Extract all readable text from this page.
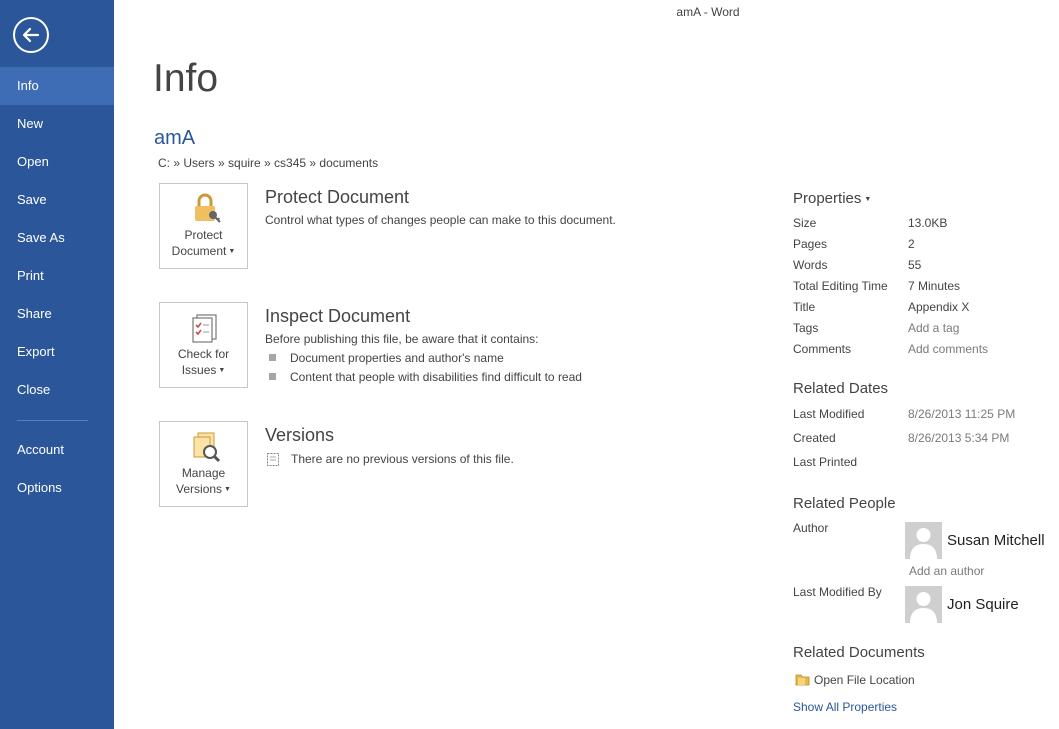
Info
New
Open
Save
Save As
Print
Share
Export
Close
Account
Options
amA - Word
Info
amA
C: » Users » squire » cs345 » documents
Protect
Document ▼
Protect Document
Control what types of changes people can make to this document.
Check for
Issues ▼
Inspect Document
Before publishing this file, be aware that it contains:
Document properties and author's name
Content that people with disabilities find difficult to read
Manage
Versions ▼
Versions
There are no previous versions of this file.
Properties ▼
Size	13.0KB
Pages	2
Words	55
Total Editing Time 7 Minutes
Title	Appendix X
Tags	Add a tag
Comments	Add comments
Related Dates
Last Modified	8/26/2013 11:25 PM
Created	8/26/2013 5:34 PM
Last Printed
Related People
Author
Susan Mitchell
Add an author
Last Modified By
Jon Squire
Related Documents
Open File Location
Show All Properties
